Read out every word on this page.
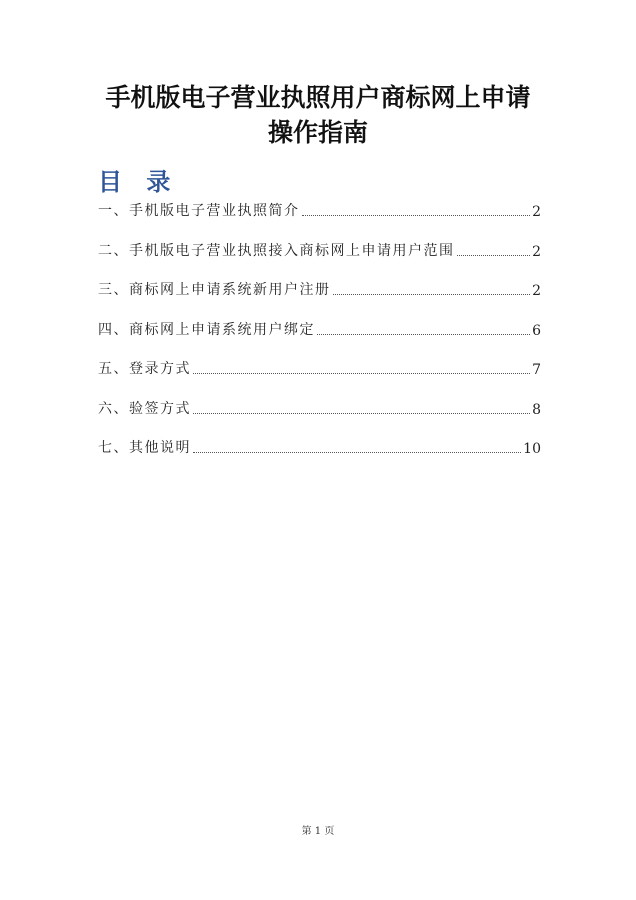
手机版电子营业执照用户商标网上申请
操作指南
目 录
一、手机版电子营业执照简介	2
二、手机版电子营业执照接入商标网上申请用户范围	2
三、商标网上申请系统新用户注册	2
四、商标网上申请系统用户绑定	6
五、登录方式	7
六、验签方式	8
七、其他说明	10
第 1 页
